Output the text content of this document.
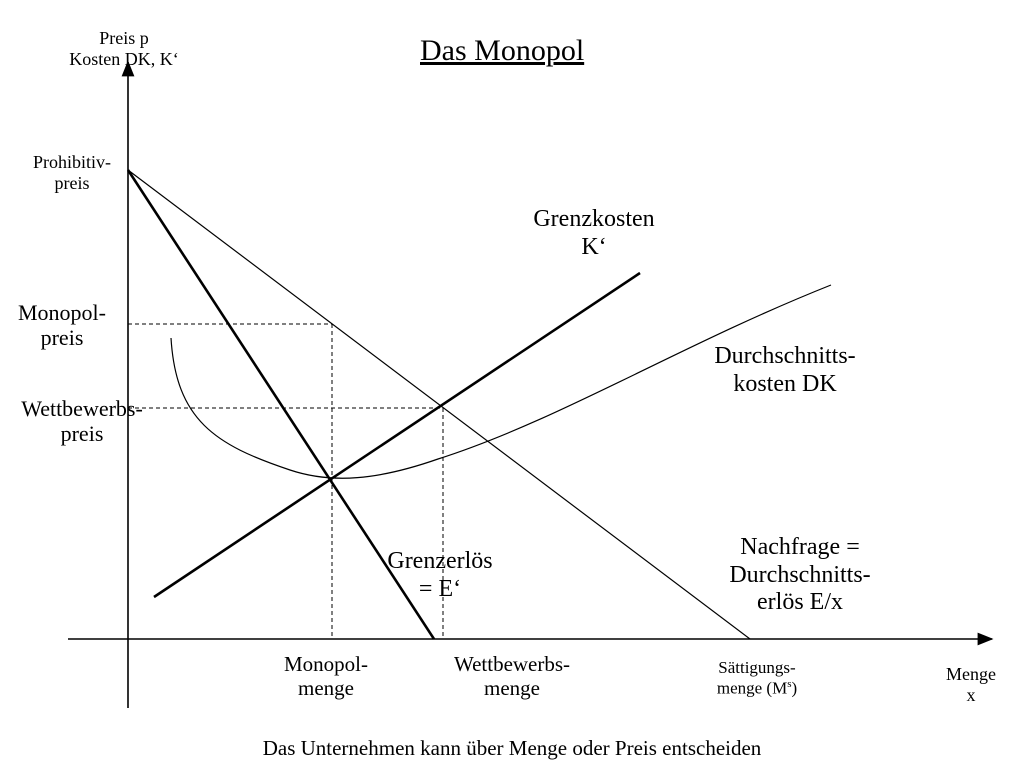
Das Monopol
Das Unternehmen kann über Menge oder Preis entscheiden
Preis p
Kosten DK, K‘
Menge
x
Prohibitiv-
preis
Monopol-
preis
Wettbewerbs-
preis
Monopol-
menge
Wettbewerbs-
menge
Sättigungs-
menge $(M^s)$
Grenzkosten
K‘
Durchschnitts-
kosten DK
Grenzerlös
= E‘
Nachfrage =
Durchschnitts-
erlös E/x
